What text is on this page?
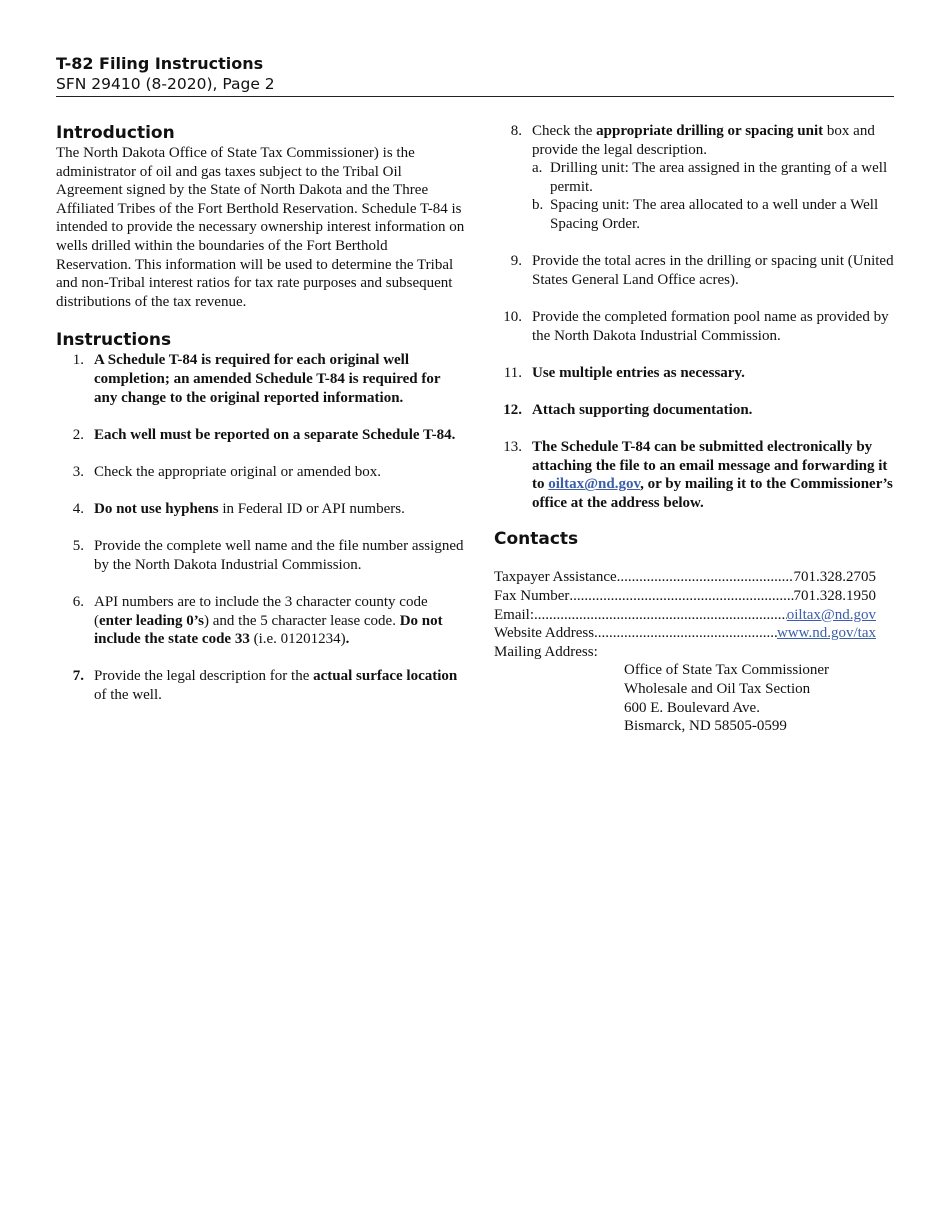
T-82 Filing Instructions
SFN 29410 (8-2020), Page 2
Introduction

The North Dakota Office of State Tax Commissioner) is the administrator of oil and gas taxes subject to the Tribal Oil Agreement signed by the State of North Dakota and the Three Affiliated Tribes of the Fort Berthold Reservation. Schedule T-84 is intended to provide the necessary ownership interest information on wells drilled within the boundaries of the Fort Berthold Reservation. This information will be used to determine the Tribal and non-Tribal interest ratios for tax rate purposes and subsequent distributions of the tax revenue.

Instructions
1. A Schedule T-84 is required for each original well completion; an amended Schedule T-84 is required for any change to the original reported information.
2. Each well must be reported on a separate Schedule T-84.
3. Check the appropriate original or amended box.
4. Do not use hyphens in Federal ID or API numbers.
5. Provide the complete well name and the file number assigned by the North Dakota Industrial Commission.
6. API numbers are to include the 3 character county code (enter leading 0’s) and the 5 character lease code. Do not include the state code 33 (i.e. 01201234).
7. Provide the legal description for the actual surface location of the well.
8. Check the appropriate drilling or spacing unit box and provide the legal description.
a. Drilling unit: The area assigned in the granting of a well permit.
b. Spacing unit: The area allocated to a well under a Well Spacing Order.
9. Provide the total acres in the drilling or spacing unit (United States General Land Office acres).
10. Provide the completed formation pool name as provided by the North Dakota Industrial Commission.
11. Use multiple entries as necessary.
12. Attach supporting documentation.
13. The Schedule T-84 can be submitted electronically by attaching the file to an email message and forwarding it to oiltax@nd.gov, or by mailing it to the Commissioner’s office at the address below.
Contacts
Taxpayer Assistance .....	701.328.2705
Fax Number .....	701.328.1950
Email: .....	oiltax@nd.gov
Website Address .....	www.nd.gov/tax
Mailing Address:
Office of State Tax Commissioner
Wholesale and Oil Tax Section
600 E. Boulevard Ave.
Bismarck, ND 58505-0599
